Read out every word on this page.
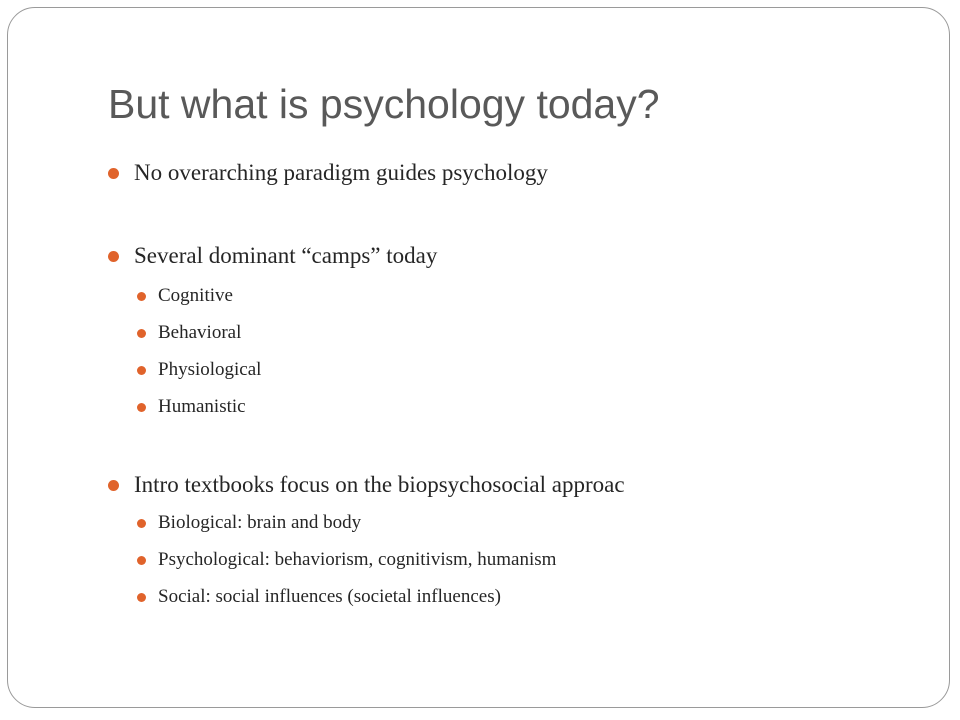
But what is psychology today?
No overarching paradigm guides psychology
Several dominant “camps” today
Cognitive
Behavioral
Physiological
Humanistic
Intro textbooks focus on the biopsychosocial approac
Biological: brain and body
Psychological: behaviorism, cognitivism, humanism
Social: social influences (societal influences)
